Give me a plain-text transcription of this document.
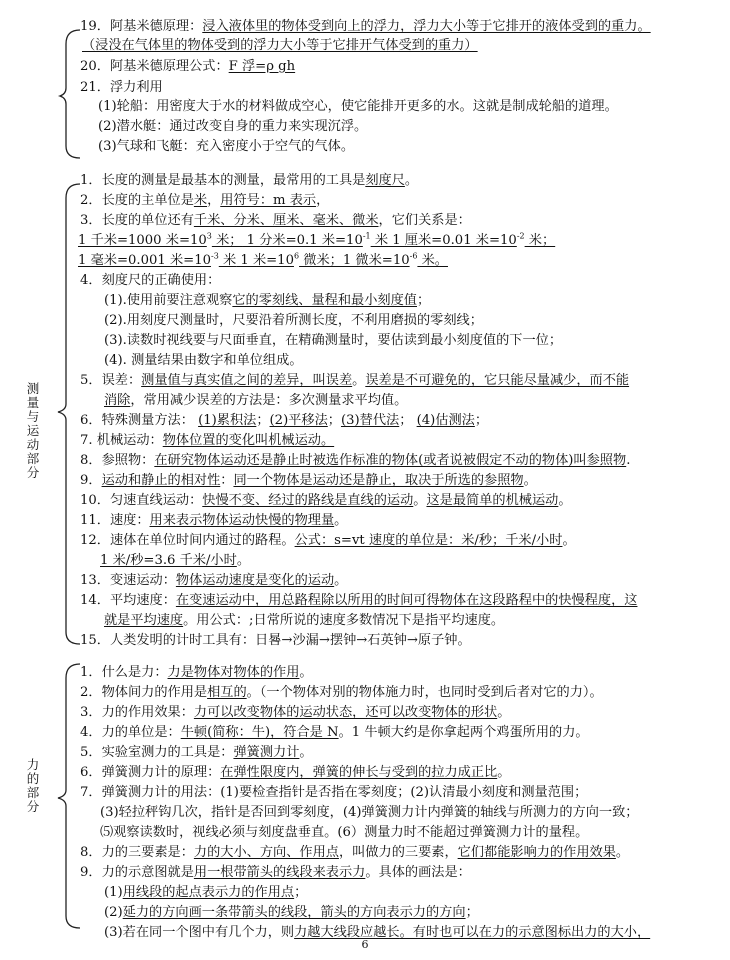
19．阿基米德原理：浸入液体里的物体受到向上的浮力，浮力大小等于它排开的液体受到的重力。
（浸没在气体里的物体受到的浮力大小等于它排开气体受到的重力）
20．阿基米德原理公式：F 浮=ρ gh
21．浮力利用
(1)轮船：用密度大于水的材料做成空心，使它能排开更多的水。这就是制成轮船的道理。
(2)潜水艇：通过改变自身的重力来实现沉浮。
(3)气球和飞艇：充入密度小于空气的气体。
1．长度的测量是最基本的测量，最常用的工具是刻度尺。
2．长度的主单位是米，用符号：m 表示，
3．长度的单位还有千米、分米、厘米、毫米、微米，它们关系是：
1 千米=1000 米$=10^3$ 米； 1 分米=0.1 米$=10^{-1}$ 米 1 厘米=0.01 米$=10^{-2}$ 米；
1 毫米=0.001 米$=10^{-3}$ 米 1 米$=10^6$ 微米；1 微米$=10^{-6}$ 米。
4．刻度尺的正确使用：
(1).使用前要注意观察它的零刻线、量程和最小刻度值；
(2).用刻度尺测量时，尺要沿着所测长度，不利用磨损的零刻线；
(3).读数时视线要与尺面垂直，在精确测量时，要估读到最小刻度值的下一位；
(4). 测量结果由数字和单位组成。
5．误差：测量值与真实值之间的差异，叫误差。误差是不可避免的，它只能尽量减少，而不能
消除，常用减少误差的方法是：多次测量求平均值。
6．特殊测量方法： (1)累积法；(2)平移法；(3)替代法； (4)估测法；
7. 机械运动：物体位置的变化叫机械运动。
8．参照物：在研究物体运动还是静止时被选作标准的物体(或者说被假定不动的物体)叫参照物.
9．运动和静止的相对性：同一个物体是运动还是静止，取决于所选的参照物。
10．匀速直线运动：快慢不变、经过的路线是直线的运动。这是最简单的机械运动。
11．速度：用来表示物体运动快慢的物理量。
12．速体在单位时间内通过的路程。公式：s=vt 速度的单位是：米/秒；千米/小时。
1 米/秒=3.6 千米/小时。
13．变速运动：物体运动速度是变化的运动。
14．平均速度：在变速运动中，用总路程除以所用的时间可得物体在这段路程中的快慢程度，这
就是平均速度。用公式：;日常所说的速度多数情况下是指平均速度。
15．人类发明的计时工具有：日晷→沙漏→摆钟→石英钟→原子钟。
1．什么是力：力是物体对物体的作用。
2．物体间力的作用是相互的。（一个物体对别的物体施力时，也同时受到后者对它的力）。
3．力的作用效果：力可以改变物体的运动状态，还可以改变物体的形状。
4．力的单位是：牛顿(简称：牛)，符合是 N。1 牛顿大约是你拿起两个鸡蛋所用的力。
5．实验室测力的工具是：弹簧测力计。
6．弹簧测力计的原理：在弹性限度内，弹簧的伸长与受到的拉力成正比。
7．弹簧测力计的用法：(1)要检查指针是否指在零刻度；(2)认清最小刻度和测量范围；
(3)轻拉秤钩几次，指针是否回到零刻度，(4)弹簧测力计内弹簧的轴线与所测力的方向一致；
⑸观察读数时，视线必须与刻度盘垂直。(6）测量力时不能超过弹簧测力计的量程。
8．力的三要素是：力的大小、方向、作用点，叫做力的三要素，它们都能影响力的作用效果。
9．力的示意图就是用一根带箭头的线段来表示力。具体的画法是：
(1)用线段的起点表示力的作用点；
(2)延力的方向画一条带箭头的线段，箭头的方向表示力的方向；
(3)若在同一个图中有几个力，则力越大线段应越长。有时也可以在力的示意图标出力的大小，
测
量
与
运
动
部
分
力
的
部
分
6
